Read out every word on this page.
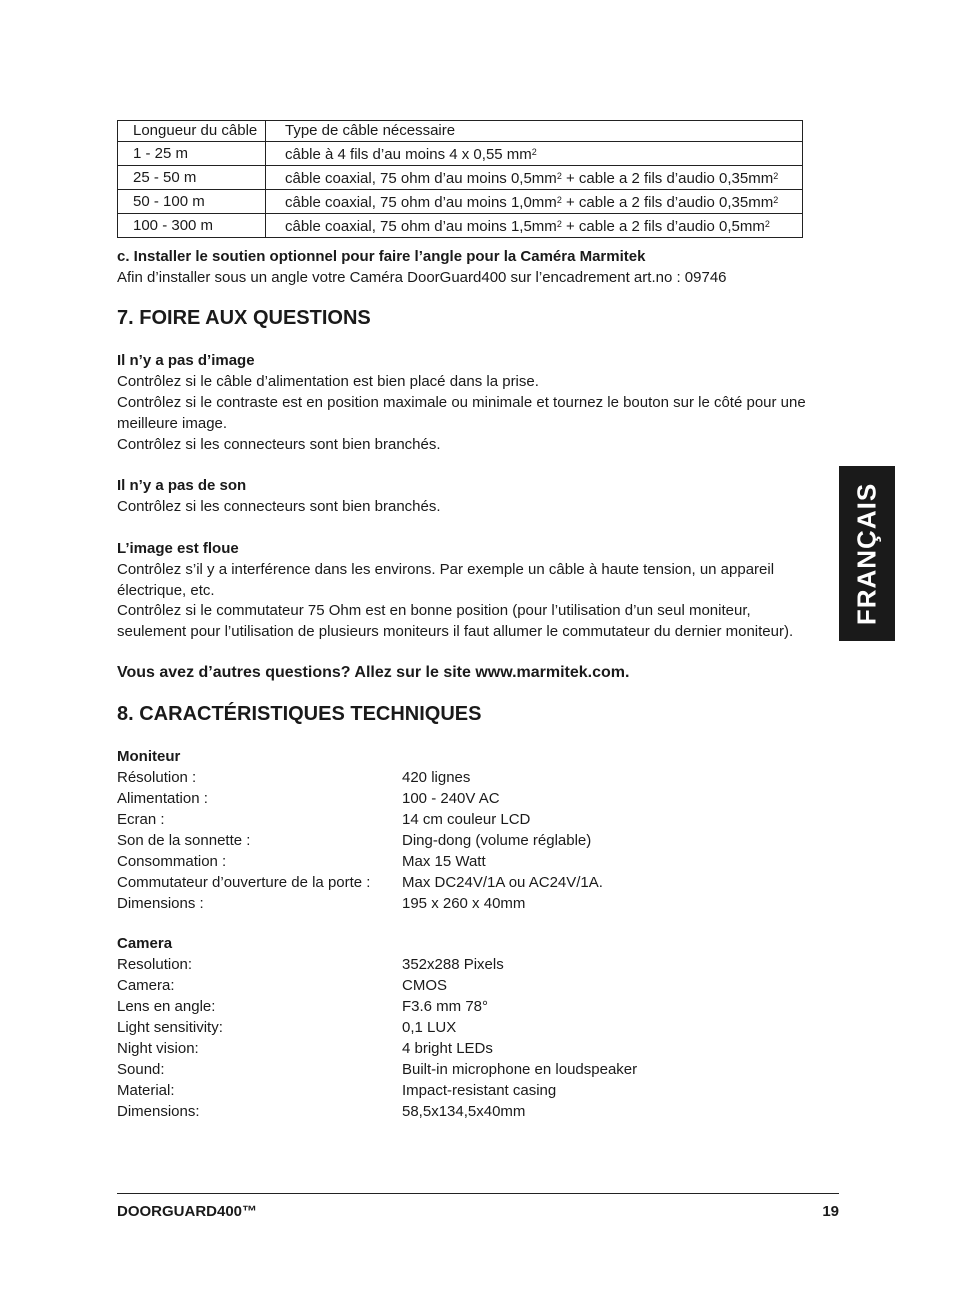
Longueur du câble	Type de câble nécessaire
1 - 25 m	câble à 4 fils d’au moins 4 x 0,55 $mm^2$
25 - 50 m	câble coaxial, 75 ohm d’au moins $0,5mm^2$ + cable a 2 fils d’audio $0,35mm^2$
50 - 100 m	câble coaxial, 75 ohm d’au moins $1,0mm^2$ + cable a 2 fils d’audio $0,35mm^2$
100 - 300 m	câble coaxial, 75 ohm d’au moins $1,5mm^2$ + cable a 2 fils d’audio $0,5mm^2$
c. Installer le soutien optionnel pour faire l’angle pour la Caméra Marmitek
Afin d’installer sous un angle votre Caméra DoorGuard400 sur l’encadrement art.no : 09746
7. FOIRE AUX QUESTIONS
Il n’y a pas d’image
Contrôlez si le câble d’alimentation est bien placé dans la prise.
Contrôlez si le contraste est en position maximale ou minimale et tournez le bouton sur le côté pour une
meilleure image.
Contrôlez si les connecteurs sont bien branchés.
Il n’y a pas de son
Contrôlez si les connecteurs sont bien branchés.
L’image est floue
Contrôlez s’il y a interférence dans les environs. Par exemple un câble à haute tension, un appareil
électrique, etc.
Contrôlez si le commutateur 75 Ohm est en bonne position (pour l’utilisation d’un seul moniteur,
seulement pour l’utilisation de plusieurs moniteurs il faut allumer le commutateur du dernier moniteur).
Vous avez d’autres questions? Allez sur le site www.marmitek.com.
8. CARACTÉRISTIQUES TECHNIQUES
Moniteur
Résolution :	420 lignes
Alimentation :	100 - 240V AC
Ecran :	14 cm couleur LCD
Son de la sonnette :	Ding-dong (volume réglable)
Consommation :	Max 15 Watt
Commutateur d’ouverture de la porte : Max DC24V/1A ou AC24V/1A.
Dimensions :	195 x 260 x 40mm
Camera
Resolution:	352x288 Pixels
Camera:	CMOS
Lens en angle:	F3.6 mm 78°
Light sensitivity:	0,1 LUX
Night vision:	4 bright LEDs
Sound:	Built-in microphone en loudspeaker
Material:	Impact-resistant casing
Dimensions:	58,5x134,5x40mm
FRANÇAIS
DOORGUARD400™	19
